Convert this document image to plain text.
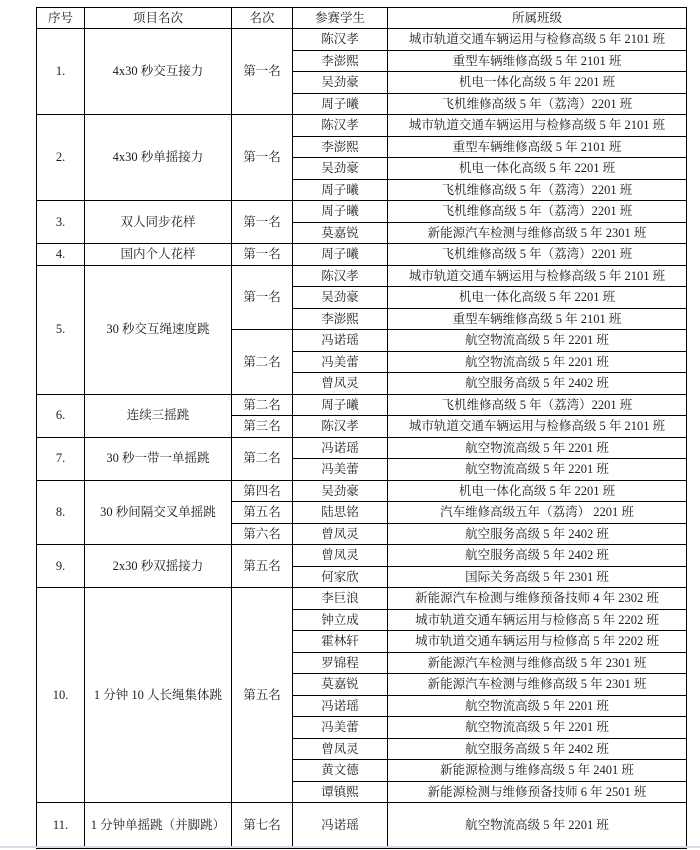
序号	项目名次	名次	参赛学生	所属班级
1.	4x30 秒交互接力	第一名	陈汉孝	城市轨道交通车辆运用与检修高级 5 年 2101 班
			李澎熙	重型车辆维修高级 5 年 2101 班
			吴劲豪	机电一体化高级 5 年 2201 班
			周子曦	飞机维修高级 5 年（荔湾）2201 班
2.	4x30 秒单摇接力	第一名	陈汉孝	城市轨道交通车辆运用与检修高级 5 年 2101 班
			李澎熙	重型车辆维修高级 5 年 2101 班
			吴劲豪	机电一体化高级 5 年 2201 班
			周子曦	飞机维修高级 5 年（荔湾）2201 班
3.	双人同步花样	第一名	周子曦	飞机维修高级 5 年（荔湾）2201 班
			莫嘉锐	新能源汽车检测与维修高级 5 年 2301 班
4.	国内个人花样	第一名	周子曦	飞机维修高级 5 年（荔湾）2201 班
5.	30 秒交互绳速度跳	第一名	陈汉孝	城市轨道交通车辆运用与检修高级 5 年 2101 班
			吴劲豪	机电一体化高级 5 年 2201 班
			李澎熙	重型车辆维修高级 5 年 2101 班
		第二名	冯诺瑶	航空物流高级 5 年 2201 班
			冯美蕾	航空物流高级 5 年 2201 班
			曾凤灵	航空服务高级 5 年 2402 班
6.	连续三摇跳	第二名	周子曦	飞机维修高级 5 年（荔湾）2201 班
		第三名	陈汉孝	城市轨道交通车辆运用与检修高级 5 年 2101 班
7.	30 秒一带一单摇跳	第二名	冯诺瑶	航空物流高级 5 年 2201 班
			冯美蕾	航空物流高级 5 年 2201 班
8.	30 秒间隔交叉单摇跳	第四名	吴劲豪	机电一体化高级 5 年 2201 班
		第五名	陆思铭	汽车维修高级五年（荔湾） 2201 班
		第六名	曾凤灵	航空服务高级 5 年 2402 班
9.	2x30 秒双摇接力	第五名	曾凤灵	航空服务高级 5 年 2402 班
			何家欣	国际关务高级 5 年 2301 班
10.	1 分钟 10 人长绳集体跳	第五名	李巨浪	新能源汽车检测与维修预备技师 4 年 2302 班
			钟立成	城市轨道交通车辆运用与检修高 5 年 2202 班
			霍林轩	城市轨道交通车辆运用与检修高 5 年 2202 班
			罗锦程	新能源汽车检测与维修高级 5 年 2301 班
			莫嘉锐	新能源汽车检测与维修高级 5 年 2301 班
			冯诺瑶	航空物流高级 5 年 2201 班
			冯美蕾	航空物流高级 5 年 2201 班
			曾凤灵	航空服务高级 5 年 2402 班
			黄文德	新能源检测与维修高级 5 年 2401 班
			谭镇熙	新能源检测与维修预备技师 6 年 2501 班
11.	1 分钟单摇跳（并脚跳）	第七名	冯诺瑶	航空物流高级 5 年 2201 班
